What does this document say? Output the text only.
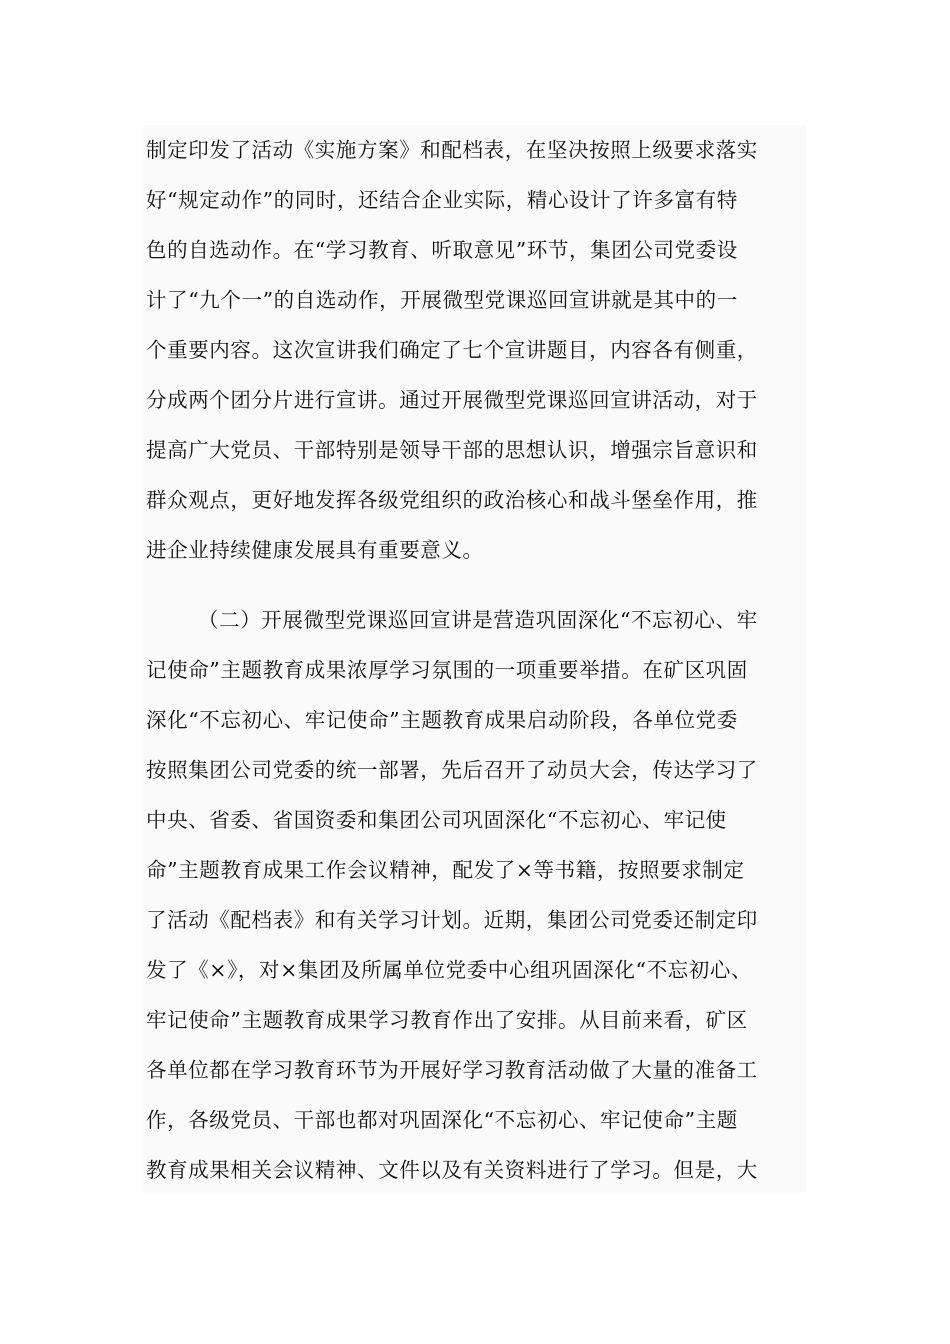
制定印发了活动《实施方案》和配档表，在坚决按照上级要求落实
好“规定动作”的同时，还结合企业实际，精心设计了许多富有特
色的自选动作。在“学习教育、听取意见”环节，集团公司党委设
计了“九个一”的自选动作，开展微型党课巡回宣讲就是其中的一
个重要内容。这次宣讲我们确定了七个宣讲题目，内容各有侧重，
分成两个团分片进行宣讲。通过开展微型党课巡回宣讲活动，对于
提高广大党员、干部特别是领导干部的思想认识，增强宗旨意识和
群众观点，更好地发挥各级党组织的政治核心和战斗堡垒作用，推
进企业持续健康发展具有重要意义。
（二）开展微型党课巡回宣讲是营造巩固深化“不忘初心、牢
记使命”主题教育成果浓厚学习氛围的一项重要举措。在矿区巩固
深化“不忘初心、牢记使命”主题教育成果启动阶段，各单位党委
按照集团公司党委的统一部署，先后召开了动员大会，传达学习了
中央、省委、省国资委和集团公司巩固深化“不忘初心、牢记使
命”主题教育成果工作会议精神，配发了×等书籍，按照要求制定
了活动《配档表》和有关学习计划。近期，集团公司党委还制定印
发了《×》，对×集团及所属单位党委中心组巩固深化“不忘初心、
牢记使命”主题教育成果学习教育作出了安排。从目前来看，矿区
各单位都在学习教育环节为开展好学习教育活动做了大量的准备工
作，各级党员、干部也都对巩固深化“不忘初心、牢记使命”主题
教育成果相关会议精神、文件以及有关资料进行了学习。但是，大
